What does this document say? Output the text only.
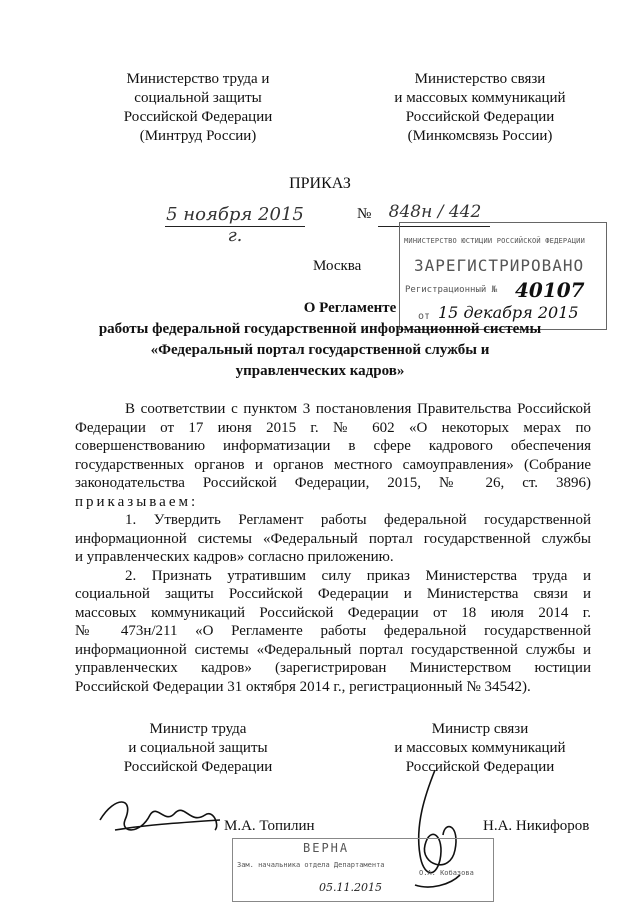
Министерство труда и
социальной защиты
Российской Федерации
(Минтруд России)
Министерство связи
и массовых коммуникаций
Российской Федерации
(Минкомсвязь России)
ПРИКАЗ
5 ноября 2015 г.
№	848н / 442
Москва
МИНИСТЕРСТВО ЮСТИЦИИ РОССИЙСКОЙ ФЕДЕРАЦИИ
ЗАРЕГИСТРИРОВАНО
Регистрационный № 40107
от 15 декабря 2015
О Регламенте
работы федеральной государственной информационной системы
«Федеральный портал государственной службы и
управленческих кадров»
В соответствии с пунктом 3 постановления Правительства Российской
Федерации от 17 июня 2015 г. № 602 «О некоторых мерах по
совершенствованию информатизации в сфере кадрового обеспечения
государственных органов и органов местного самоуправления» (Собрание
законодательства Российской Федерации, 2015, № 26, ст. 3896)
приказываем:
1. Утвердить Регламент работы федеральной государственной
информационной системы «Федеральный портал государственной службы
и управленческих кадров» согласно приложению.
2. Признать утратившим силу приказ Министерства труда и
социальной защиты Российской Федерации и Министерства связи и
массовых коммуникаций Российской Федерации от 18 июля 2014 г.
№ 473н/211 «О Регламенте работы федеральной государственной
информационной системы «Федеральный портал государственной службы и
управленческих кадров» (зарегистрирован Министерством юстиции
Российской Федерации 31 октября 2014 г., регистрационный № 34542).
Министр труда
и социальной защиты
Российской Федерации
Министр связи
и массовых коммуникаций
Российской Федерации
М.А. Топилин	Н.А. Никифоров
ВЕРНА
Зам. начальника отдела Департамента
О.А. Кобазова
05.11.2015
